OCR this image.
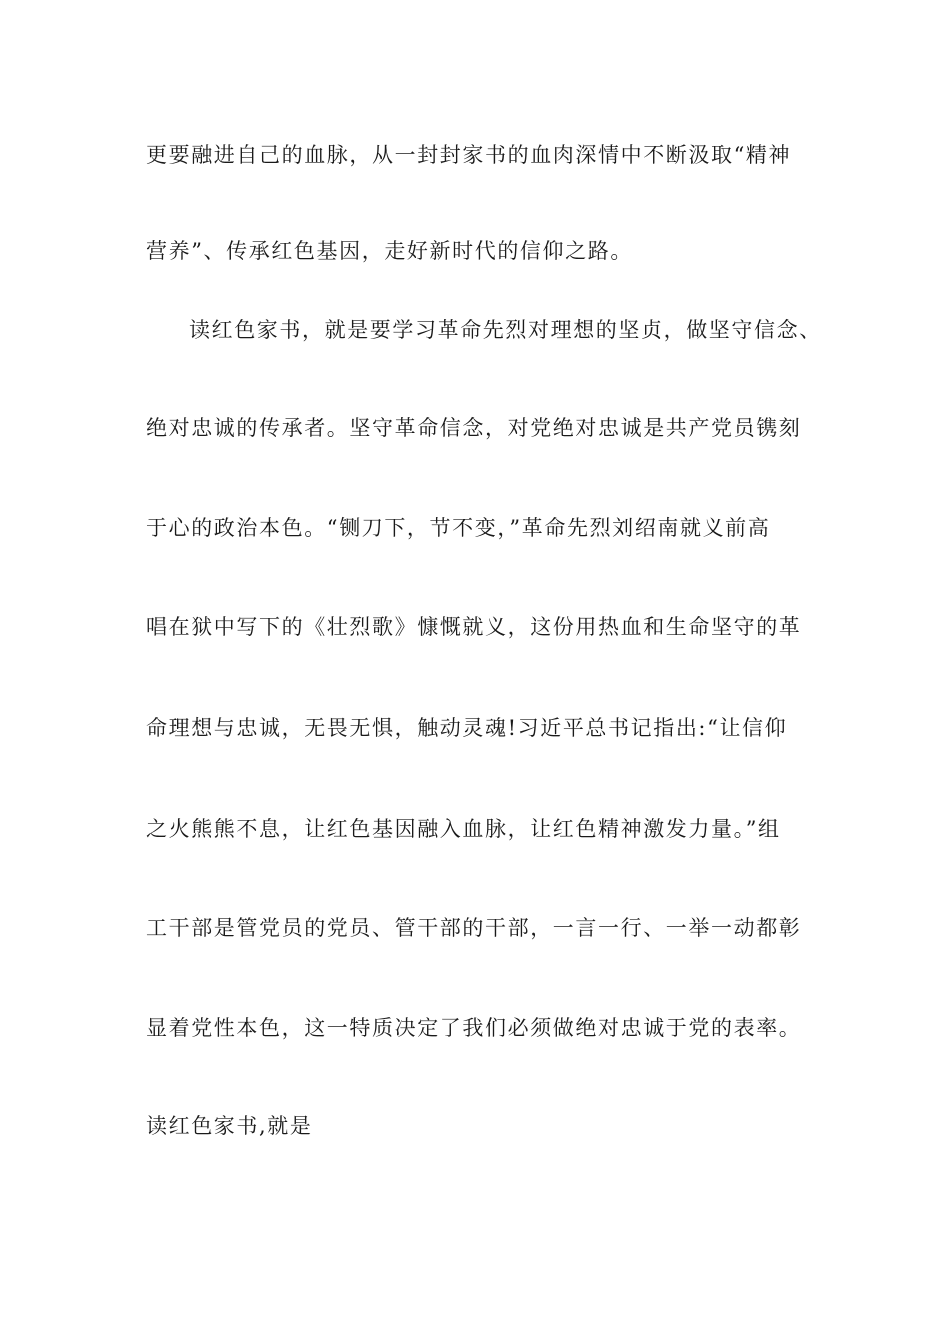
更要融进自己的血脉，从一封封家书的血肉深情中不断汲取“精神
营养”、传承红色基因，走好新时代的信仰之路。
读红色家书，就是要学习革命先烈对理想的坚贞，做坚守信念、
绝对忠诚的传承者。坚守革命信念，对党绝对忠诚是共产党员镌刻
于心的政治本色。“铡刀下，节不变，”革命先烈刘绍南就义前高
唱在狱中写下的《壮烈歌》慷慨就义，这份用热血和生命坚守的革
命理想与忠诚，无畏无惧，触动灵魂!习近平总书记指出:“让信仰
之火熊熊不息，让红色基因融入血脉，让红色精神激发力量。”组
工干部是管党员的党员、管干部的干部，一言一行、一举一动都彰
显着党性本色，这一特质决定了我们必须做绝对忠诚于党的表率。
读红色家书,就是
